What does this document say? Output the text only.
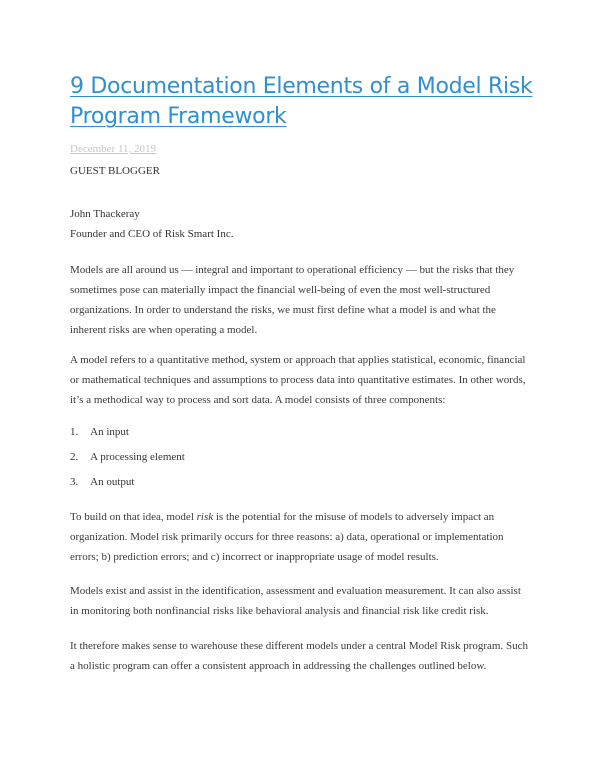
9 Documentation Elements of a Model Risk Program Framework
December 11, 2019
GUEST BLOGGER
John Thackeray
Founder and CEO of Risk Smart Inc.

Models are all around us — integral and important to operational efficiency — but the risks that they sometimes pose can materially impact the financial well-being of even the most well-structured organizations. In order to understand the risks, we must first define what a model is and what the inherent risks are when operating a model.

A model refers to a quantitative method, system or approach that applies statistical, economic, financial or mathematical techniques and assumptions to process data into quantitative estimates. In other words, it’s a methodical way to process and sort data. A model consists of three components:

1. An input
2. A processing element
3. An output

To build on that idea, model risk is the potential for the misuse of models to adversely impact an organization. Model risk primarily occurs for three reasons: a) data, operational or implementation errors; b) prediction errors; and c) incorrect or inappropriate usage of model results.

Models exist and assist in the identification, assessment and evaluation measurement. It can also assist in monitoring both nonfinancial risks like behavioral analysis and financial risk like credit risk.

It therefore makes sense to warehouse these different models under a central Model Risk program. Such a holistic program can offer a consistent approach in addressing the challenges outlined below.
